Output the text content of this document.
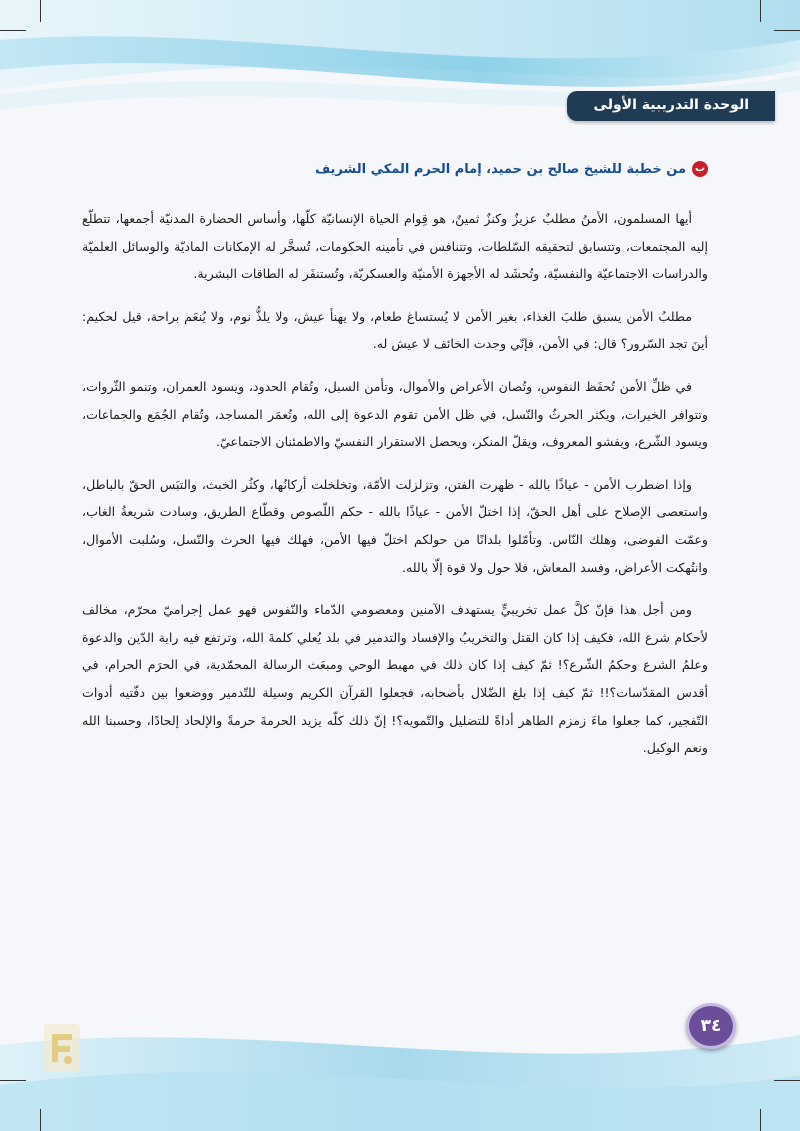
الوحدة التدريبية الأولى
ب
من خطبة للشيخ صالح بن حميد، إمام الحرم المكي الشريف

أيها المسلمون، الأمنُ مطلبٌ عزيزٌ وكنزٌ ثمينٌ، هو قِوام الحياة الإنسانيّة كلّها، وأساس الحضارة المدنيّة أجمعها، تتطلّع إليه المجتمعات، وتتسابق لتحقيقه السّلطات، وتتنافس في تأمينه الحكومات، تُسخَّر له الإمكانات الماديّة والوسائل العلميّة والدراسات الاجتماعيّة والنفسيّة، وتُحشَد له الأجهزة الأمنيّة والعسكريّة، وتُستنفَر له الطاقات البشرية.

مطلبُ الأمن يسبق طلبَ الغذاء، بغير الأمن لا يُستساغ طعام، ولا يهنأ عيش، ولا يلذُّ نوم، ولا يُنعَم براحة، قيل لحكيم: أينَ تجد السّرور؟ قال: في الأمن، فإنّي وجدت الخائف لا عيش له.

في ظلِّ الأمن تُحفَظ النفوس، وتُصان الأعراض والأموال، وتأمن السبل، وتُقام الحدود، ويسود العمران، وتنمو الثّروات، وتتوافر الخيرات، ويكثر الحرثُ والنّسل، في ظل الأمن تقوم الدعوة إلى الله، وتُعمَر المساجد، وتُقام الجُمَع والجماعات، ويسود الشّرع، ويفشو المعروف، ويقلّ المنكر، ويحصل الاستقرار النفسيّ والاطمئنان الاجتماعيّ.

وإذا اضطرب الأمن - عياذًا بالله - ظهرت الفتن، وتزلزلت الأمّة، وتخلخلت أركانُها، وكثُر الخبث، والتبَس الحقّ بالباطل، واستعصى الإصلاح على أهل الحقّ، إذا اختلّ الأمن - عياذًا بالله - حكم اللّصوص وقطّاع الطريق، وسادت شريعةُ الغاب، وعمّت الفوضى، وهلك النّاس. وتأمّلوا بلدانًا من حولكم اختلّ فيها الأمن، فهلك فيها الحرث والنّسل، وسُلبت الأموال، وانتُهكت الأعراض، وفسد المعاش، فلا حول ولا قوة إلّا بالله.

ومن أجل هذا فإنّ كلَّ عمل تخريبيٍّ يستهدف الآمنين ومعصومي الدّماء والنّفوس فهو عمل إجراميّ محرّم، مخالف لأحكام شرع الله، فكيف إذا كان القتل والتخريبُ والإفساد والتدمير في بلد يُعلي كلمةَ الله، وترتفع فيه راية الدّين والدعوة وعلمُ الشرع وحكمُ الشّرع؟! ثمّ كيف إذا كان ذلك في مهبط الوحي ومبعَث الرسالة المحمّدية، في الحرَم الحرام، في أقدس المقدّسات؟!! ثمّ كيف إذا بلغ الضّلال بأصحابه، فجعلوا القرآن الكريم وسيلة للتّدمير ووضعوا بين دفّتيه أدوات التّفجير، كما جعلوا ماءَ زمزم الطاهر أداةً للتضليل والتّمويه؟! إنّ ذلك كلّه يزيد الحرمةَ حرمةً والإلحاد إلحادًا، وحسبنا الله ونعم الوكيل.

٣٤
